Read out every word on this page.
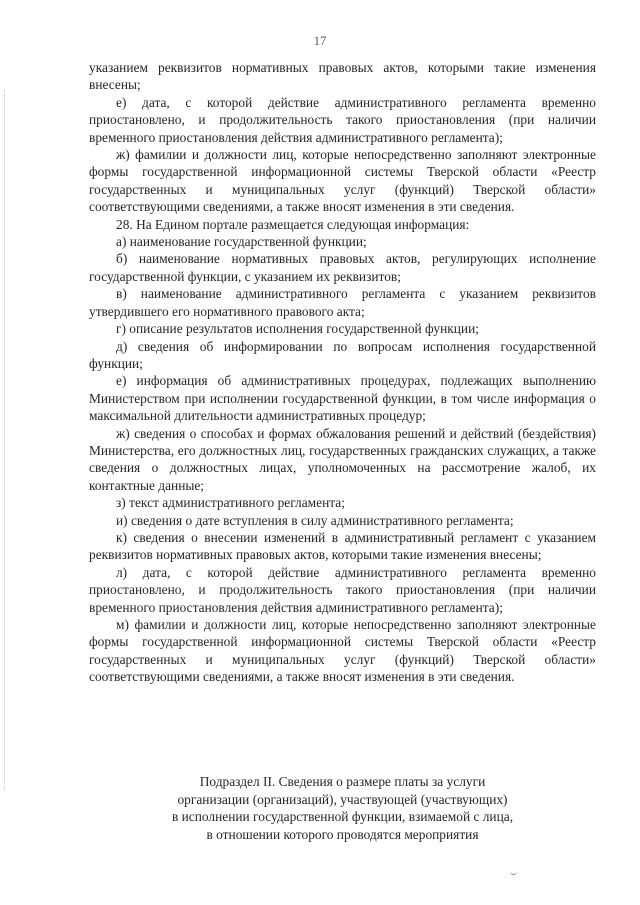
17

указанием реквизитов нормативных правовых актов, которыми такие изменения внесены;

е) дата, с которой действие административного регламента временно приостановлено, и продолжительность такого приостановления (при наличии временного приостановления действия административного регламента);

ж) фамилии и должности лиц, которые непосредственно заполняют электронные формы государственной информационной системы Тверской области «Реестр государственных и муниципальных услуг (функций) Тверской области» соответствующими сведениями, а также вносят изменения в эти сведения.

28. На Едином портале размещается следующая информация:

а) наименование государственной функции;

б) наименование нормативных правовых актов, регулирующих исполнение государственной функции, с указанием их реквизитов;

в) наименование административного регламента с указанием реквизитов утвердившего его нормативного правового акта;

г) описание результатов исполнения государственной функции;

д) сведения об информировании по вопросам исполнения государственной функции;

е) информация об административных процедурах, подлежащих выполнению Министерством при исполнении государственной функции, в том числе информация о максимальной длительности административных процедур;

ж) сведения о способах и формах обжалования решений и действий (бездействия) Министерства, его должностных лиц, государственных гражданских служащих, а также сведения о должностных лицах, уполномоченных на рассмотрение жалоб, их контактные данные;

з) текст административного регламента;

и) сведения о дате вступления в силу административного регламента;

к) сведения о внесении изменений в административный регламент с указанием реквизитов нормативных правовых актов, которыми такие изменения внесены;

л) дата, с которой действие административного регламента временно приостановлено, и продолжительность такого приостановления (при наличии временного приостановления действия административного регламента);

м) фамилии и должности лиц, которые непосредственно заполняют электронные формы государственной информационной системы Тверской области «Реестр государственных и муниципальных услуг (функций) Тверской области» соответствующими сведениями, а также вносят изменения в эти сведения.

Подраздел II. Сведения о размере платы за услуги
организации (организаций), участвующей (участвующих)
в исполнении государственной функции, взимаемой с лица,
в отношении которого проводятся мероприятия
